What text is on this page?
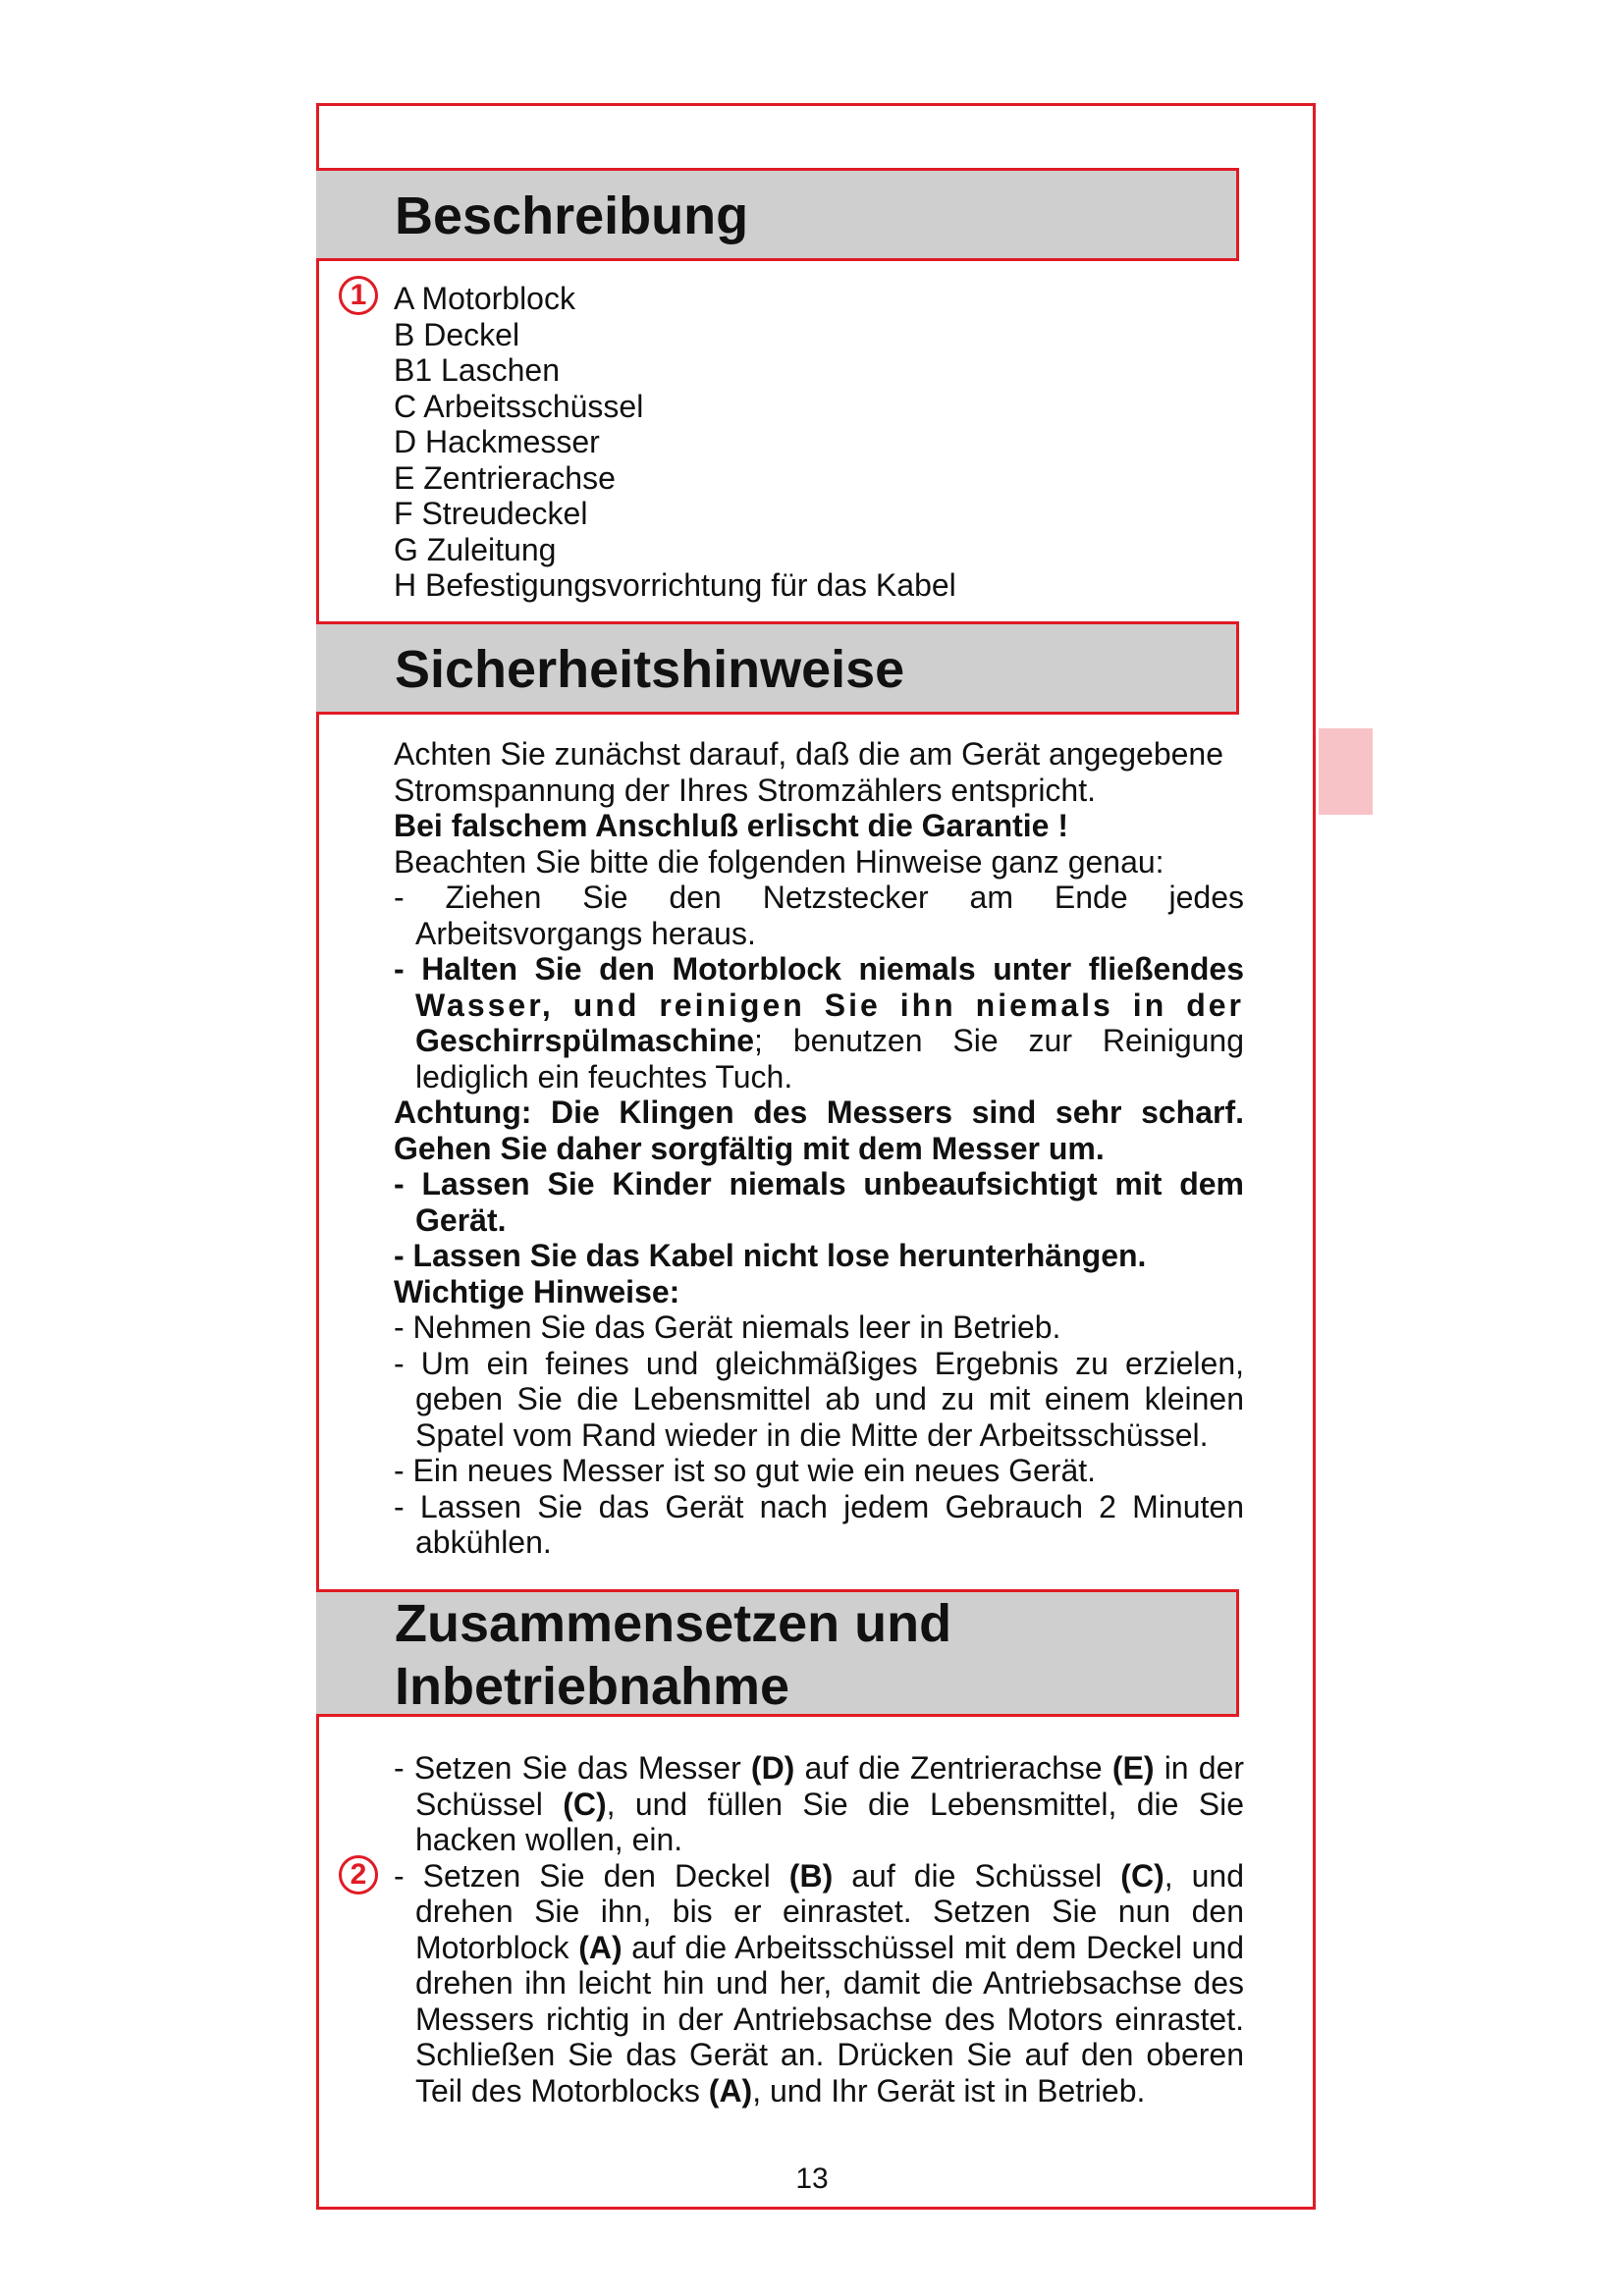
Beschreibung
1 A Motorblock
B Deckel
B1 Laschen
C Arbeitsschüssel
D Hackmesser
E Zentrierachse
F Streudeckel
G Zuleitung
H Befestigungsvorrichtung für das Kabel
Sicherheitshinweise
Achten Sie zunächst darauf, daß die am Gerät angegebene Stromspannung der Ihres Stromzählers entspricht.
Bei falschem Anschluß erlischt die Garantie !
Beachten Sie bitte die folgenden Hinweise ganz genau:
- Ziehen Sie den Netzstecker am Ende jedes Arbeitsvorgangs heraus.
- Halten Sie den Motorblock niemals unter fließendes Wasser, und reinigen Sie ihn niemals in der Geschirrspülmaschine; benutzen Sie zur Reinigung lediglich ein feuchtes Tuch.
Achtung: Die Klingen des Messers sind sehr scharf. Gehen Sie daher sorgfältig mit dem Messer um.
- Lassen Sie Kinder niemals unbeaufsichtigt mit dem Gerät.
- Lassen Sie das Kabel nicht lose herunterhängen.
Wichtige Hinweise:
- Nehmen Sie das Gerät niemals leer in Betrieb.
- Um ein feines und gleichmäßiges Ergebnis zu erzielen, geben Sie die Lebensmittel ab und zu mit einem kleinen Spatel vom Rand wieder in die Mitte der Arbeitsschüssel.
- Ein neues Messer ist so gut wie ein neues Gerät.
- Lassen Sie das Gerät nach jedem Gebrauch 2 Minuten abkühlen.
Zusammensetzen und
Inbetriebnahme
2
- Setzen Sie das Messer (D) auf die Zentrierachse (E) in der Schüssel (C), und füllen Sie die Lebensmittel, die Sie hacken wollen, ein.
- Setzen Sie den Deckel (B) auf die Schüssel (C), und drehen Sie ihn, bis er einrastet. Setzen Sie nun den Motorblock (A) auf die Arbeitsschüssel mit dem Deckel und drehen ihn leicht hin und her, damit die Antriebsachse des Messers richtig in der Antriebsachse des Motors einrastet. Schließen Sie das Gerät an. Drücken Sie auf den oberen Teil des Motorblocks (A), und Ihr Gerät ist in Betrieb.
13
